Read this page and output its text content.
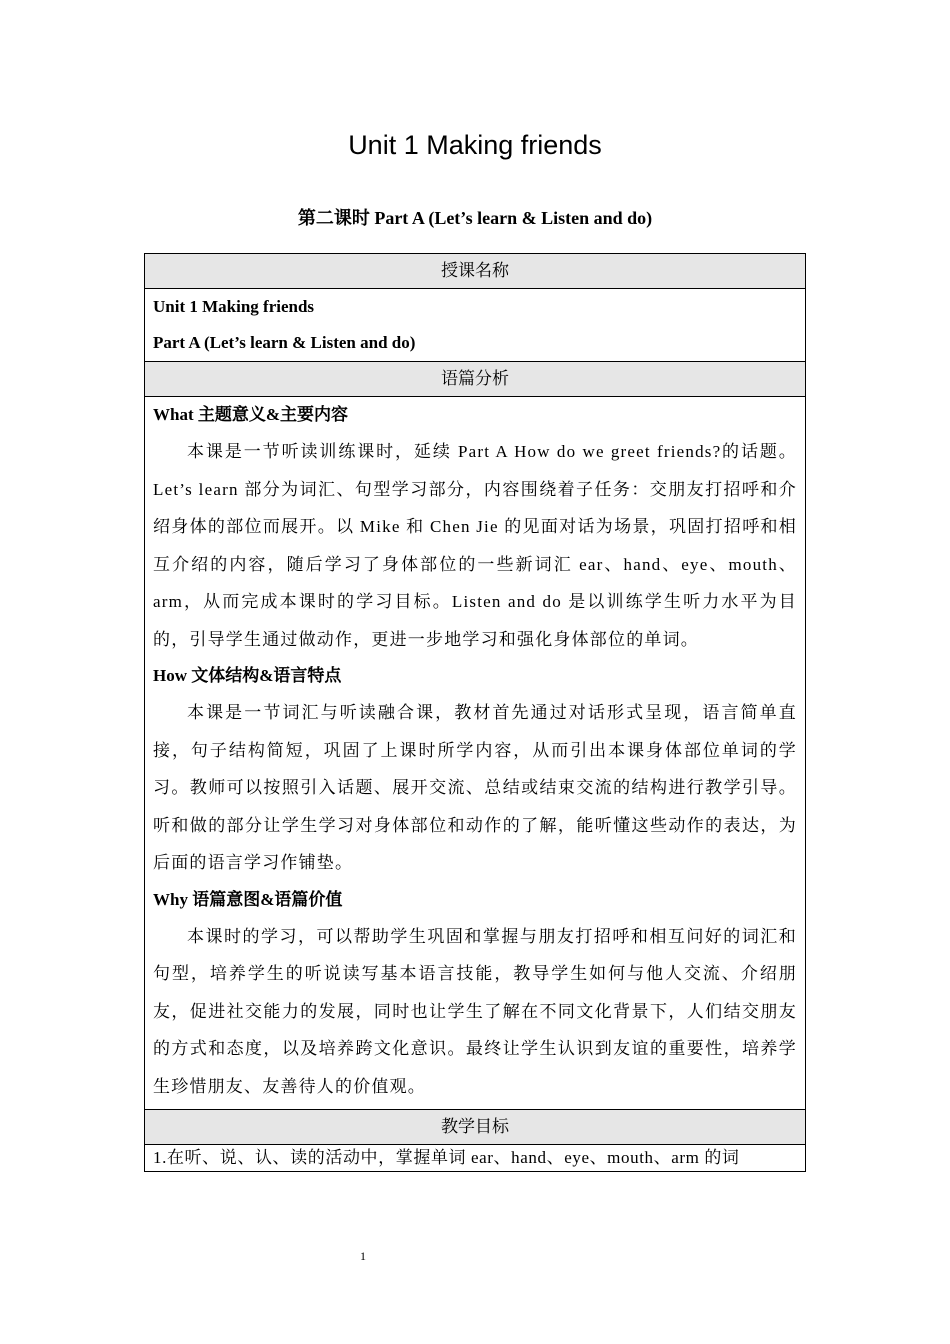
Unit 1 Making friends
第二课时 Part A (Let’s learn & Listen and do)
授课名称

Unit 1 Making friends
Part A (Let’s learn & Listen and do)

语篇分析

What 主题意义&主要内容
本课是一节听读训练课时，延续 Part A How do we greet friends?的话题。Let’s learn 部分为词汇、句型学习部分，内容围绕着子任务：交朋友打招呼和介绍身体的部位而展开。以 Mike 和 Chen Jie 的见面对话为场景，巩固打招呼和相互介绍的内容，随后学习了身体部位的一些新词汇 ear、hand、eye、mouth、arm，从而完成本课时的学习目标。Listen and do 是以训练学生听力水平为目的，引导学生通过做动作，更进一步地学习和强化身体部位的单词。
How 文体结构&语言特点
本课是一节词汇与听读融合课，教材首先通过对话形式呈现，语言简单直接，句子结构简短，巩固了上课时所学内容，从而引出本课身体部位单词的学习。教师可以按照引入话题、展开交流、总结或结束交流的结构进行教学引导。听和做的部分让学生学习对身体部位和动作的了解，能听懂这些动作的表达，为后面的语言学习作铺垫。
Why 语篇意图&语篇价值
本课时的学习，可以帮助学生巩固和掌握与朋友打招呼和相互问好的词汇和句型，培养学生的听说读写基本语言技能，教导学生如何与他人交流、介绍朋友，促进社交能力的发展，同时也让学生了解在不同文化背景下，人们结交朋友的方式和态度，以及培养跨文化意识。最终让学生认识到友谊的重要性，培养学生珍惜朋友、友善待人的价值观。

教学目标

1.在听、说、认、读的活动中，掌握单词 ear、hand、eye、mouth、arm 的词
1
